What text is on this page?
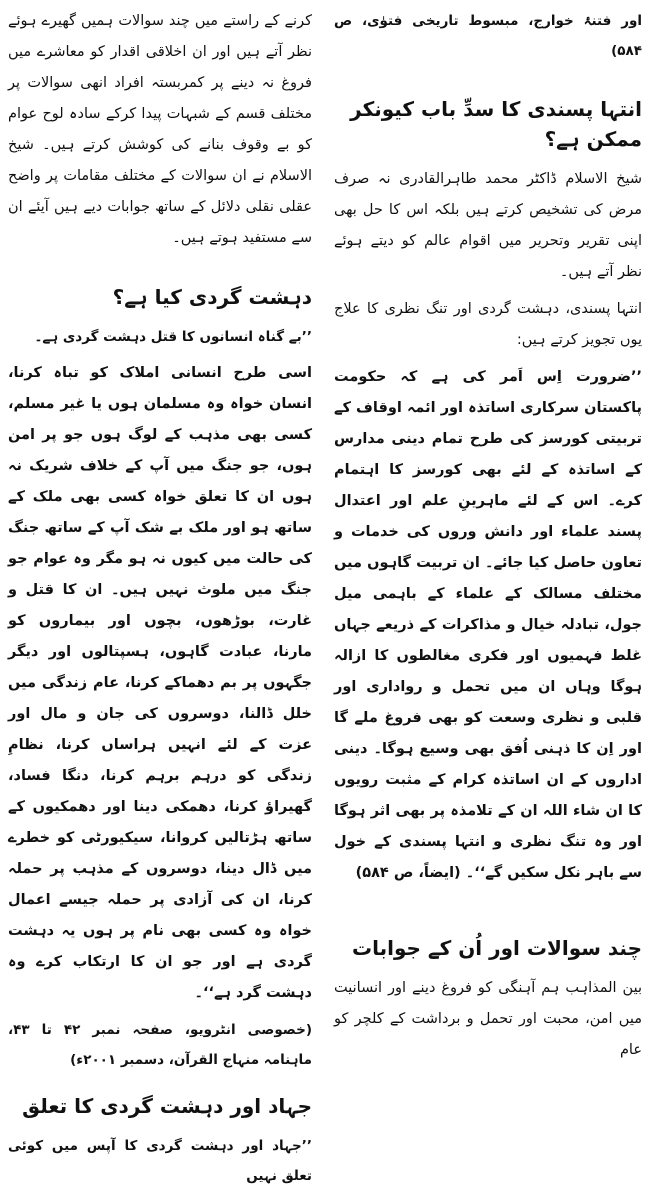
اور فتنۂ خوارج، مبسوط تاریخی فتوٰی، ص ۵۸۴)

انتہا پسندی کا سدِّ باب کیونکر ممکن ہے؟

شیخ الاسلام ڈاکٹر محمد طاہرالقادری نہ صرف مرض کی تشخیص کرتے ہیں بلکہ اس کا حل بھی اپنی تقریر وتحریر میں اقوام عالم کو دیتے ہوئے نظر آتے ہیں۔

انتہا پسندی، دہشت گردی اور تنگ نظری کا علاج یوں تجویز کرتے ہیں:

’’ضرورت اِس اَمر کی ہے کہ حکومت پاکستان سرکاری اساتذہ اور ائمہ اوقاف کے تربیتی کورسز کی طرح تمام دینی مدارس کے اساتذہ کے لئے بھی کورسز کا اہتمام کرے۔ اس کے لئے ماہرینِ علم اور اعتدال پسند علماء اور دانش وروں کی خدمات و تعاون حاصل کیا جائے۔ ان تربیت گاہوں میں مختلف مسالک کے علماء کے باہمی میل جول، تبادلہ خیال و مذاکرات کے ذریعے جہاں غلط فہمیوں اور فکری مغالطوں کا ازالہ ہوگا وہاں ان میں تحمل و رواداری اور قلبی و نظری وسعت کو بھی فروغ ملے گا اور اِن کا ذہنی اُفق بھی وسیع ہوگا۔ دینی اداروں کے ان اساتذہ کرام کے مثبت رویوں کا ان شاء اللہ ان کے تلامذہ پر بھی اثر ہوگا اور وہ تنگ نظری و انتہا پسندی کے خول سے باہر نکل سکیں گے‘‘۔ (ایضاً، ص ۵۸۴)

چند سوالات اور اُن کے جوابات

بین المذاہب ہم آہنگی کو فروغ دینے اور انسانیت میں امن، محبت اور تحمل و برداشت کے کلچر کو عام

کرنے کے راستے میں چند سوالات ہمیں گھیرے ہوئے نظر آتے ہیں اور ان اخلاقی اقدار کو معاشرے میں فروغ نہ دینے پر کمربستہ افراد انھی سوالات پر مختلف قسم کے شبہات پیدا کرکے سادہ لوح عوام کو بے وقوف بنانے کی کوشش کرتے ہیں۔ شیخ الاسلام نے ان سوالات کے مختلف مقامات پر واضح عقلی نقلی دلائل کے ساتھ جوابات دیے ہیں آیئے ان سے مستفید ہوتے ہیں۔

دہشت گردی کیا ہے؟

’’بے گناہ انسانوں کا قتل دہشت گردی ہے۔

اسی طرح انسانی املاک کو تباہ کرنا، انسان خواہ وہ مسلمان ہوں یا غیر مسلم، کسی بھی مذہب کے لوگ ہوں جو پر امن ہوں، جو جنگ میں آپ کے خلاف شریک نہ ہوں ان کا تعلق خواہ کسی بھی ملک کے ساتھ ہو اور ملک بے شک آپ کے ساتھ جنگ کی حالت میں کیوں نہ ہو مگر وہ عوام جو جنگ میں ملوث نہیں ہیں۔ ان کا قتل و غارت، بوڑھوں، بچوں اور بیماروں کو مارنا، عبادت گاہوں، ہسپتالوں اور دیگر جگہوں پر بم دھماکے کرنا، عام زندگی میں خلل ڈالنا، دوسروں کی جان و مال اور عزت کے لئے انہیں ہراساں کرنا، نظامِ زندگی کو درہم برہم کرنا، دنگا فساد، گھیراؤ کرنا، دھمکی دینا اور دھمکیوں کے ساتھ ہڑتالیں کروانا، سیکیورٹی کو خطرے میں ڈال دینا، دوسروں کے مذہب پر حملہ کرنا، ان کی آزادی پر حملہ جیسے اعمال خواہ وہ کسی بھی نام پر ہوں یہ دہشت گردی ہے اور جو ان کا ارتکاب کرے وہ دہشت گرد ہے‘‘۔

(خصوصی انٹرویو، صفحہ نمبر ۴۲ تا ۴۳، ماہنامہ منہاج القرآن، دسمبر ۲۰۰۱ء)

جہاد اور دہشت گردی کا تعلق

’’جہاد اور دہشت گردی کا آپس میں کوئی تعلق نہیں
